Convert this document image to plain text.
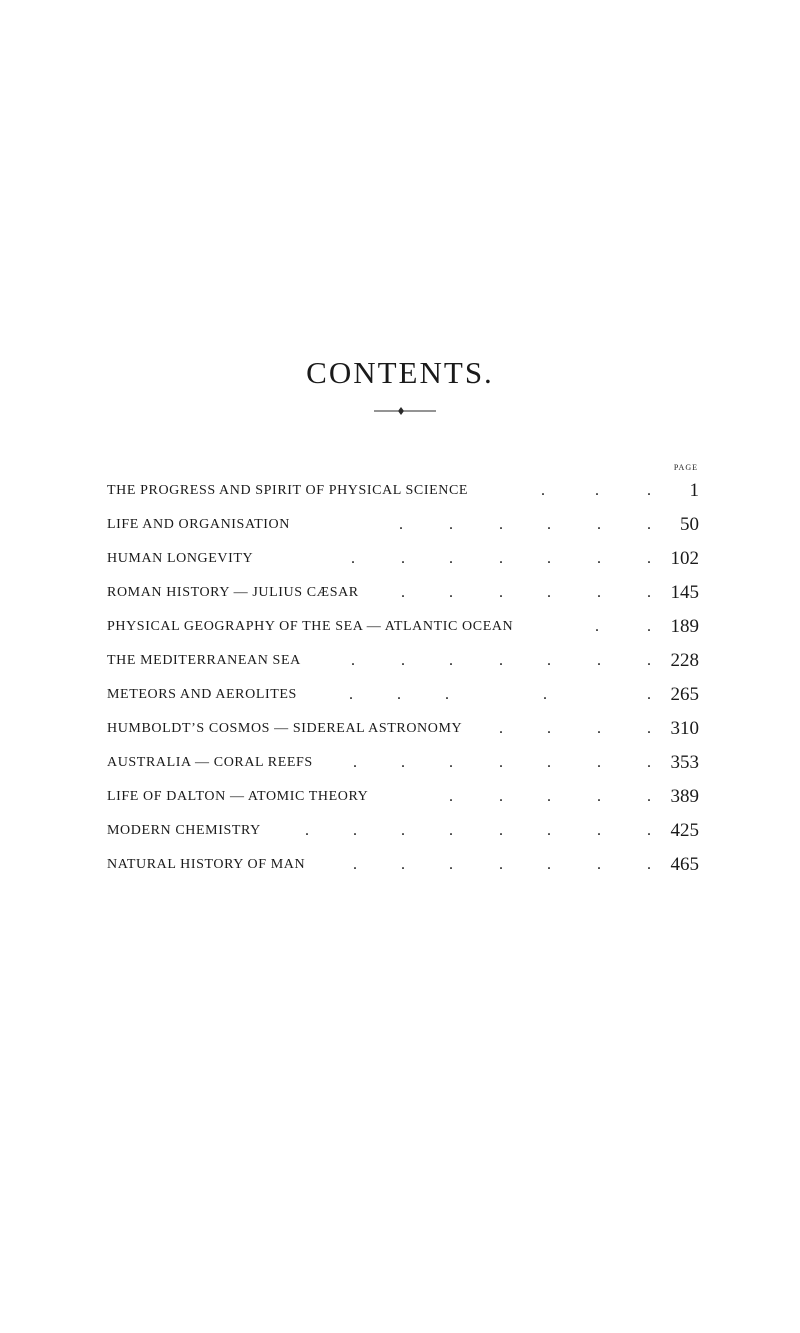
CONTENTS.
PAGE
THE PROGRESS AND SPIRIT OF PHYSICAL SCIENCE	.	.	. 1
LIFE AND ORGANISATION	.	.	.	.	.	. 50
HUMAN LONGEVITY	.	.	.	.	.	.	. 102
ROMAN HISTORY — JULIUS CÆSAR	.	.	.	.	.	. 145
PHYSICAL GEOGRAPHY OF THE SEA — ATLANTIC OCEAN	.	. 189
THE MEDITERRANEAN SEA	.	.	.	.	.	.	. 228
METEORS AND AEROLITES	.	.	.	.	. 265
HUMBOLDT’S COSMOS — SIDEREAL ASTRONOMY .	.	.	. 310
AUSTRALIA — CORAL REEFS	.	.	.	.	.	.	. 353
LIFE OF DALTON — ATOMIC THEORY	.	.	.	.	. 389
MODERN CHEMISTRY	.	.	.	.	.	.	.	. 425
NATURAL HISTORY OF MAN	.	.	.	.	.	.	. 465
